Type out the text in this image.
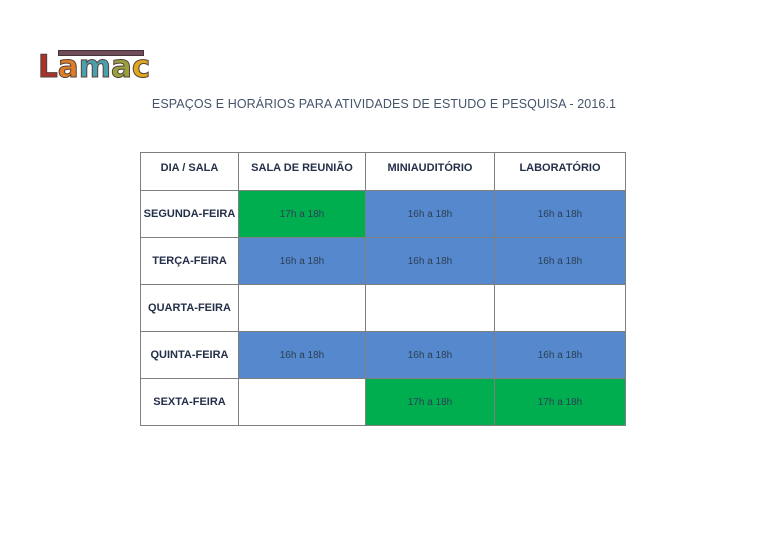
Lamac
ESPAÇOS E HORÁRIOS PARA ATIVIDADES DE ESTUDO E PESQUISA - 2016.1
DIA / SALA	SALA DE REUNIÃO	MINIAUDITÓRIO	LABORATÓRIO
SEGUNDA-FEIRA	17h a 18h	16h a 18h	16h a 18h
TERÇA-FEIRA	16h a 18h	16h a 18h	16h a 18h
QUARTA-FEIRA			
QUINTA-FEIRA	16h a 18h	16h a 18h	16h a 18h
SEXTA-FEIRA		17h a 18h	17h a 18h
